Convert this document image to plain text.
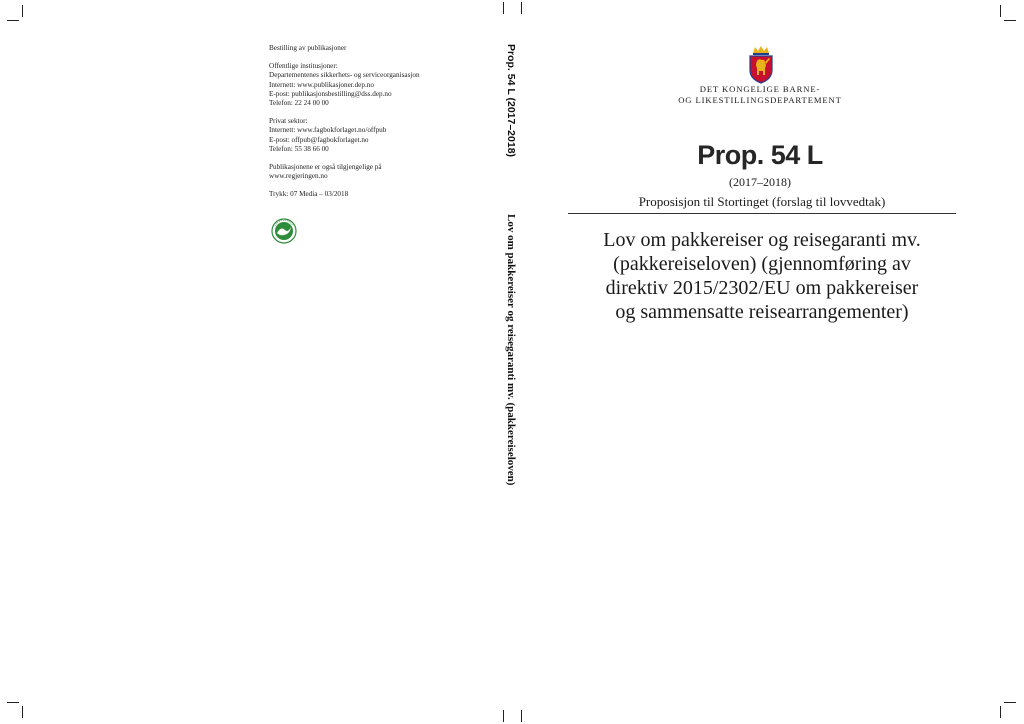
Bestilling av publikasjoner
Offentlige institusjoner:
Departementenes sikkerhets- og serviceorganisasjon
Internett: www.publikasjoner.dep.no
E-post: publikasjonsbestilling@dss.dep.no
Telefon: 22 24 00 00
Privat sektor:
Internett: www.fagbokforlaget.no/offpub
E-post: offpub@fagbokforlaget.no
Telefon: 55 38 66 00
Publikasjonene er også tilgjengelige på
www.regjeringen.no
Trykk: 07 Media – 03/2018
Prop. 54 L (2017–2018)
Lov om pakkereiser og reisegaranti mv. (pakkereiseloven)
DET KONGELIGE BARNE-
OG LIKESTILLINGSDEPARTEMENT
Prop. 54 L
(2017–2018)
Proposisjon til Stortinget (forslag til lovvedtak)
Lov om pakkereiser og reisegaranti mv.
(pakkereiseloven) (gjennomføring av
direktiv 2015/2302/EU om pakkereiser
og sammensatte reisearrangementer)
